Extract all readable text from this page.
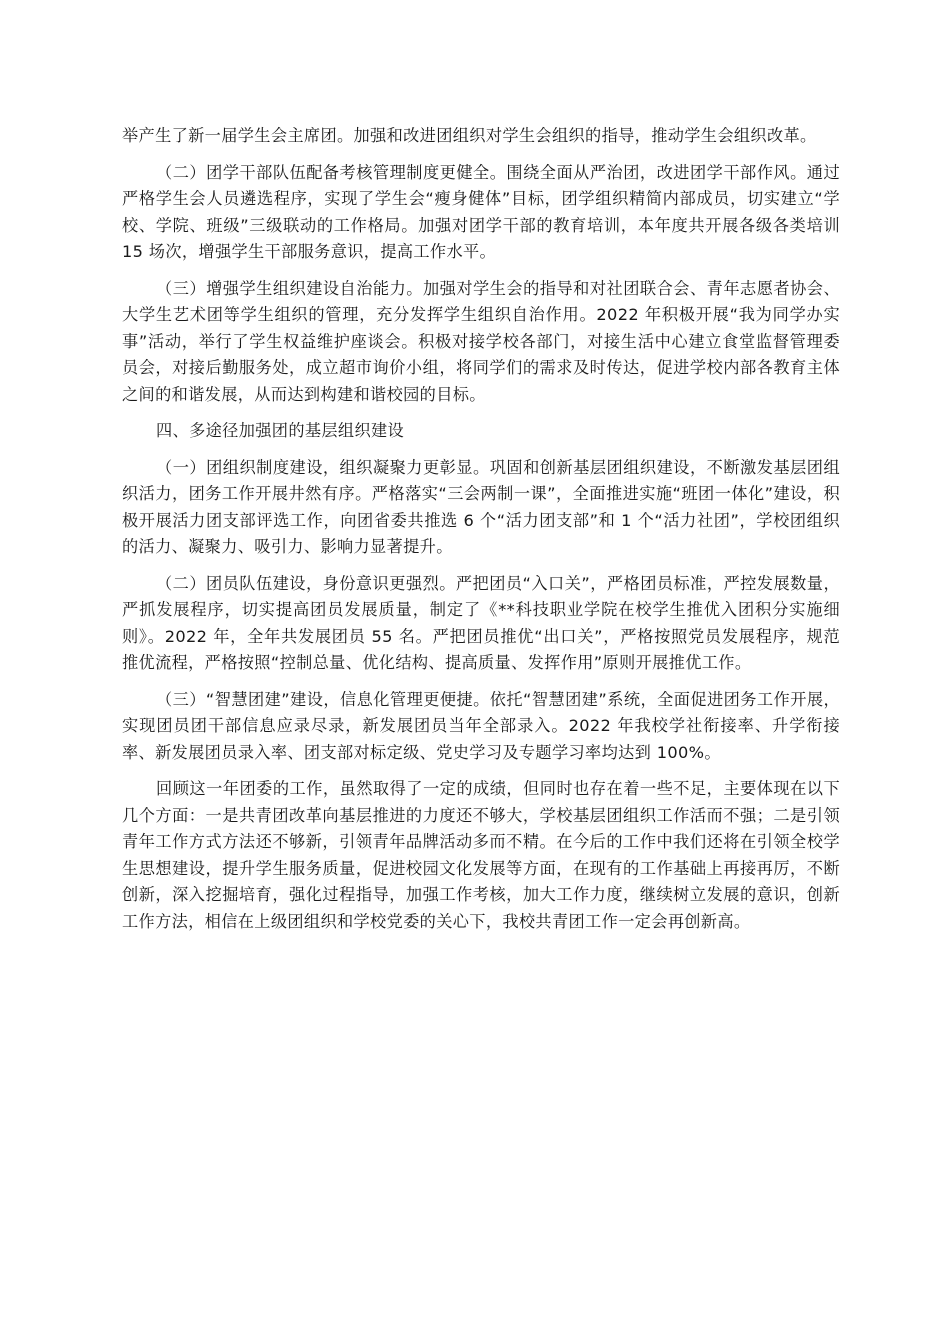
举产生了新一届学生会主席团。加强和改进团组织对学生会组织的指导，推动学生会组织改革。

（二）团学干部队伍配备考核管理制度更健全。围绕全面从严治团，改进团学干部作风。通过严格学生会人员遴选程序，实现了学生会“瘦身健体”目标，团学组织精简内部成员，切实建立“学校、学院、班级”三级联动的工作格局。加强对团学干部的教育培训，本年度共开展各级各类培训 15 场次，增强学生干部服务意识，提高工作水平。

（三）增强学生组织建设自治能力。加强对学生会的指导和对社团联合会、青年志愿者协会、大学生艺术团等学生组织的管理，充分发挥学生组织自治作用。2022 年积极开展“我为同学办实事”活动，举行了学生权益维护座谈会。积极对接学校各部门，对接生活中心建立食堂监督管理委员会，对接后勤服务处，成立超市询价小组，将同学们的需求及时传达，促进学校内部各教育主体之间的和谐发展，从而达到构建和谐校园的目标。

四、多途径加强团的基层组织建设

（一）团组织制度建设，组织凝聚力更彰显。巩固和创新基层团组织建设，不断激发基层团组织活力，团务工作开展井然有序。严格落实“三会两制一课”，全面推进实施“班团一体化”建设，积极开展活力团支部评选工作，向团省委共推选 6 个“活力团支部”和 1 个“活力社团”，学校团组织的活力、凝聚力、吸引力、影响力显著提升。

（二）团员队伍建设，身份意识更强烈。严把团员“入口关”，严格团员标准，严控发展数量，严抓发展程序，切实提高团员发展质量，制定了《**科技职业学院在校学生推优入团积分实施细则》。2022 年，全年共发展团员 55 名。严把团员推优“出口关”，严格按照党员发展程序，规范推优流程，严格按照“控制总量、优化结构、提高质量、发挥作用”原则开展推优工作。

（三）“智慧团建”建设，信息化管理更便捷。依托“智慧团建”系统，全面促进团务工作开展，实现团员团干部信息应录尽录，新发展团员当年全部录入。2022 年我校学社衔接率、升学衔接率、新发展团员录入率、团支部对标定级、党史学习及专题学习率均达到 100%。

回顾这一年团委的工作，虽然取得了一定的成绩，但同时也存在着一些不足，主要体现在以下几个方面：一是共青团改革向基层推进的力度还不够大，学校基层团组织工作活而不强；二是引领青年工作方式方法还不够新，引领青年品牌活动多而不精。在今后的工作中我们还将在引领全校学生思想建设，提升学生服务质量，促进校园文化发展等方面，在现有的工作基础上再接再厉，不断创新，深入挖掘培育，强化过程指导，加强工作考核，加大工作力度，继续树立发展的意识，创新工作方法，相信在上级团组织和学校党委的关心下，我校共青团工作一定会再创新高。
